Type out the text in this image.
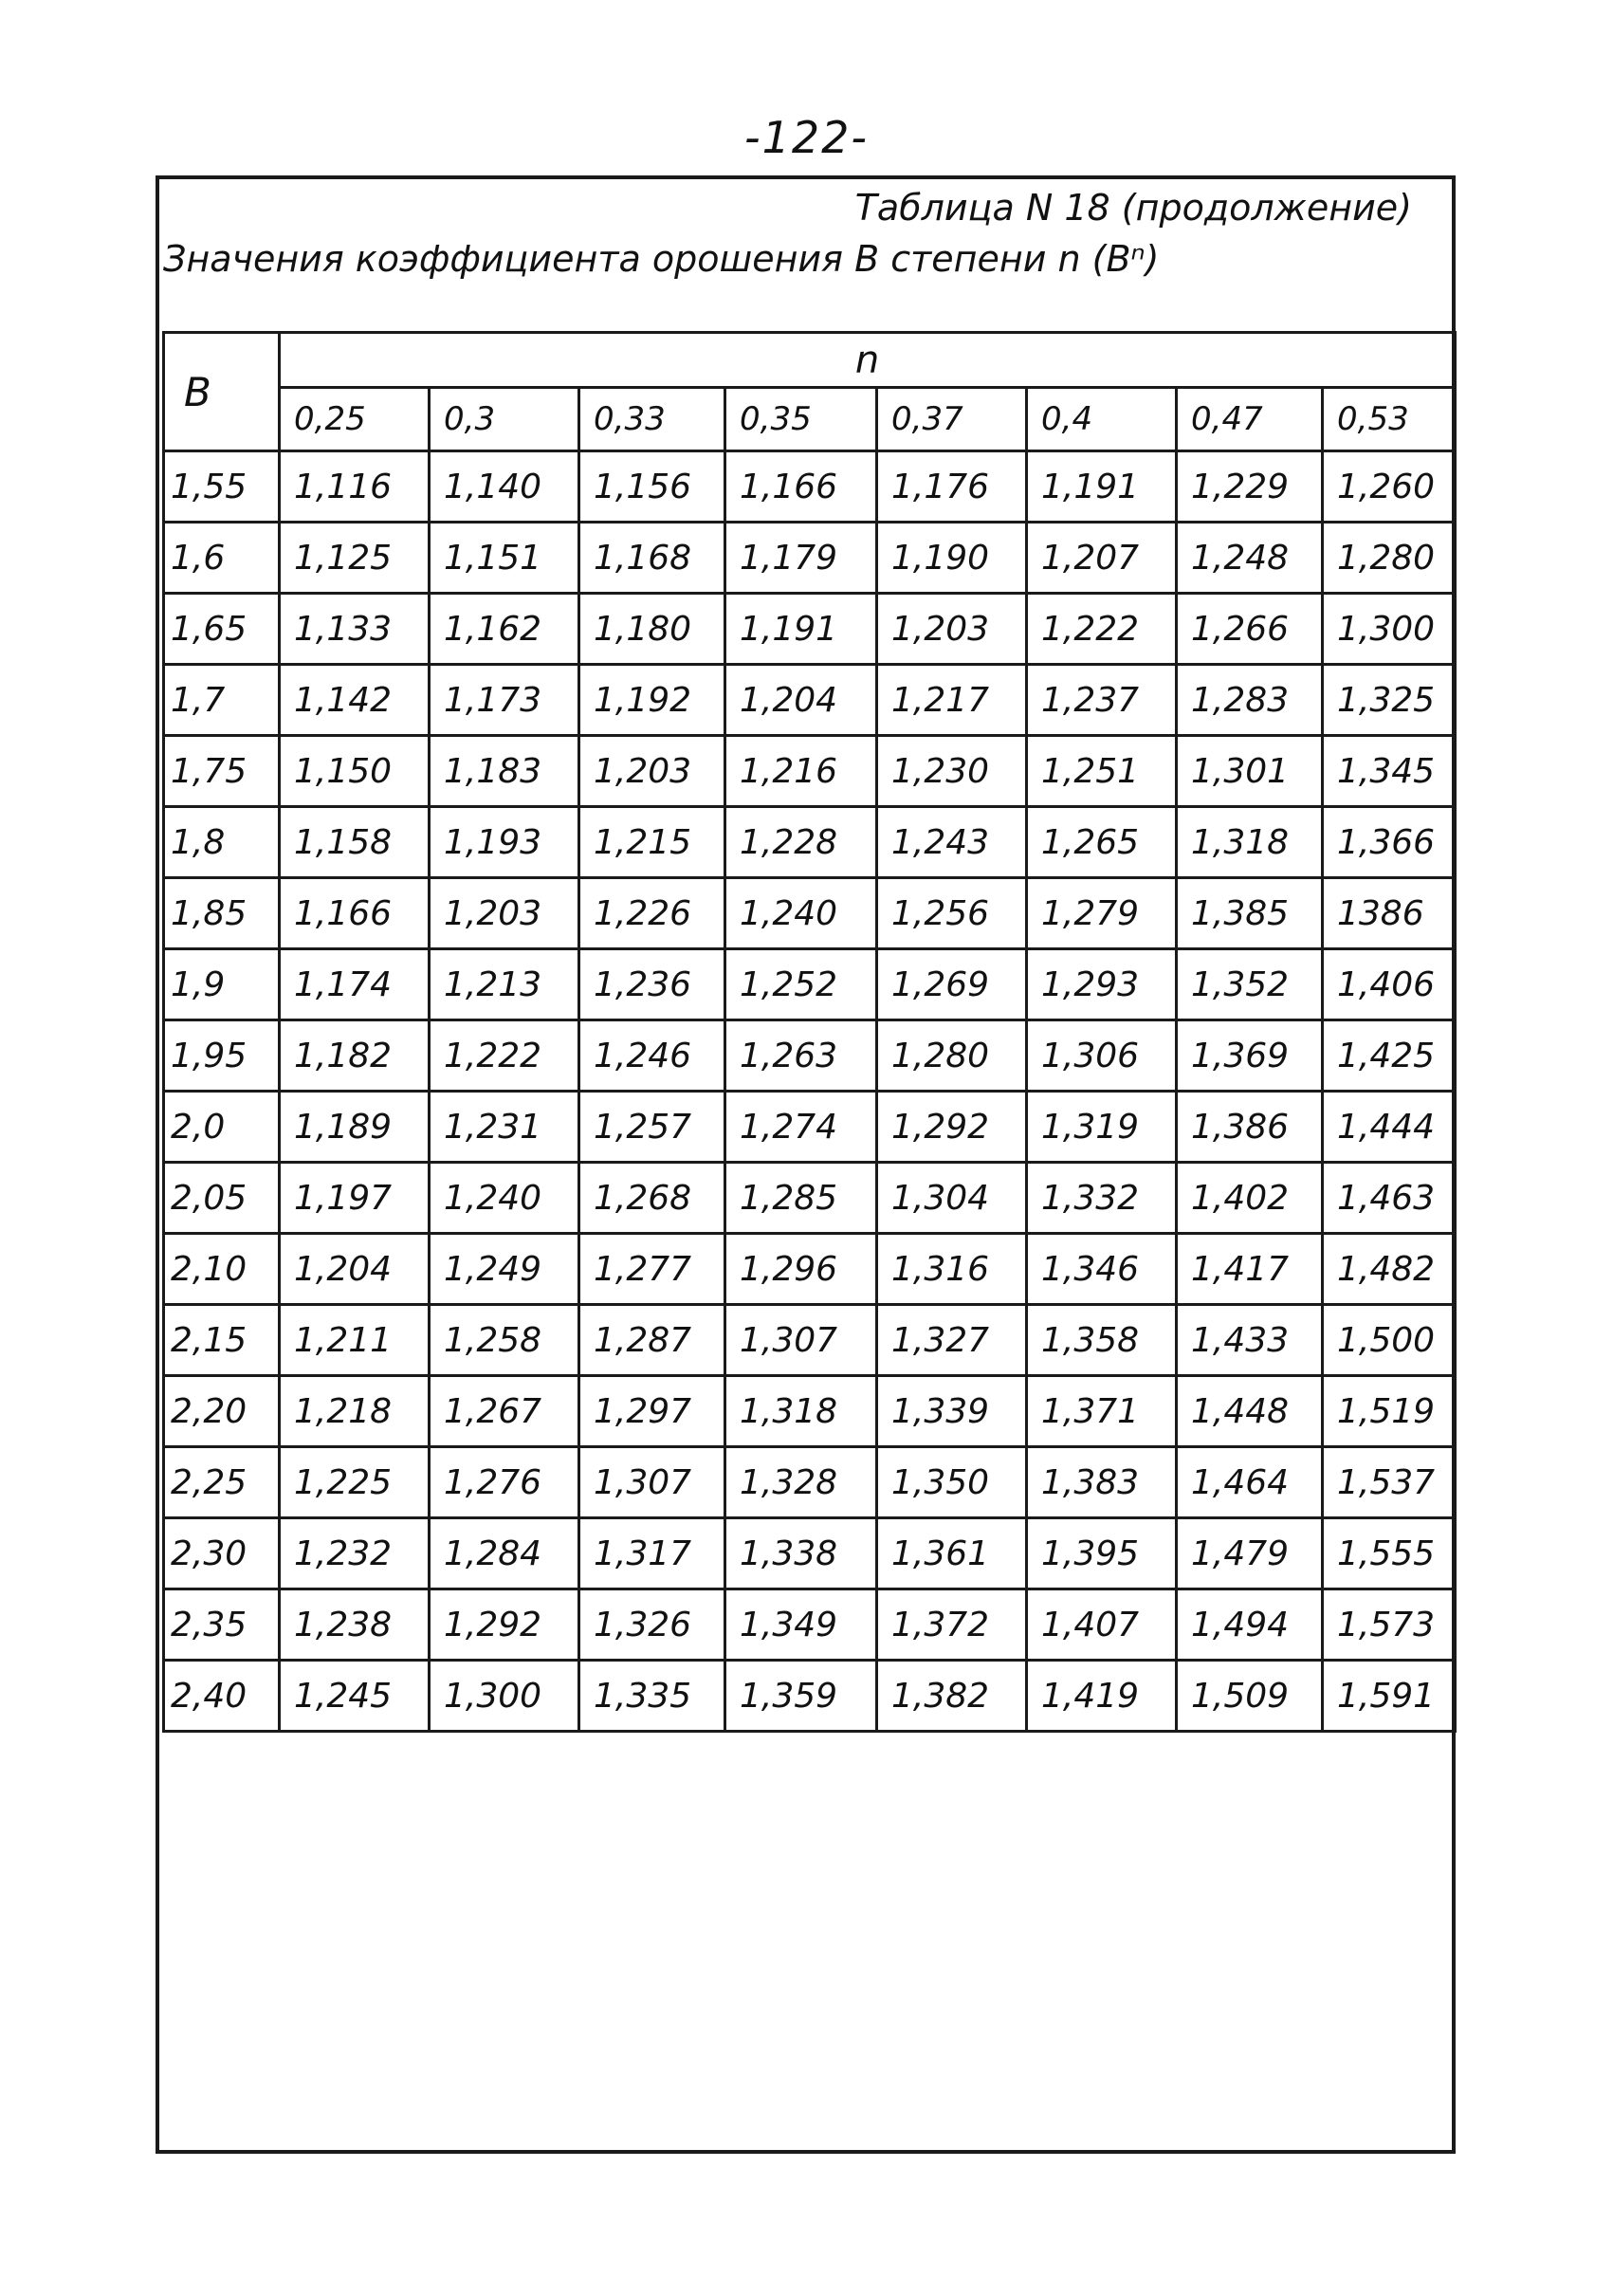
-122-
Таблица N 18 (продолжение)
Значения коэффициента орошения B степени n (Bⁿ)
B	n							
	0,25	0,3	0,33	0,35	0,37	0,4	0,47	0,53
1,55	1,116	1,140	1,156	1,166	1,176	1,191	1,229	1,260
1,6	1,125	1,151	1,168	1,179	1,190	1,207	1,248	1,280
1,65	1,133	1,162	1,180	1,191	1,203	1,222	1,266	1,300
1,7	1,142	1,173	1,192	1,204	1,217	1,237	1,283	1,325
1,75	1,150	1,183	1,203	1,216	1,230	1,251	1,301	1,345
1,8	1,158	1,193	1,215	1,228	1,243	1,265	1,318	1,366
1,85	1,166	1,203	1,226	1,240	1,256	1,279	1,385	1386
1,9	1,174	1,213	1,236	1,252	1,269	1,293	1,352	1,406
1,95	1,182	1,222	1,246	1,263	1,280	1,306	1,369	1,425
2,0	1,189	1,231	1,257	1,274	1,292	1,319	1,386	1,444
2,05	1,197	1,240	1,268	1,285	1,304	1,332	1,402	1,463
2,10	1,204	1,249	1,277	1,296	1,316	1,346	1,417	1,482
2,15	1,211	1,258	1,287	1,307	1,327	1,358	1,433	1,500
2,20	1,218	1,267	1,297	1,318	1,339	1,371	1,448	1,519
2,25	1,225	1,276	1,307	1,328	1,350	1,383	1,464	1,537
2,30	1,232	1,284	1,317	1,338	1,361	1,395	1,479	1,555
2,35	1,238	1,292	1,326	1,349	1,372	1,407	1,494	1,573
2,40	1,245	1,300	1,335	1,359	1,382	1,419	1,509	1,591
